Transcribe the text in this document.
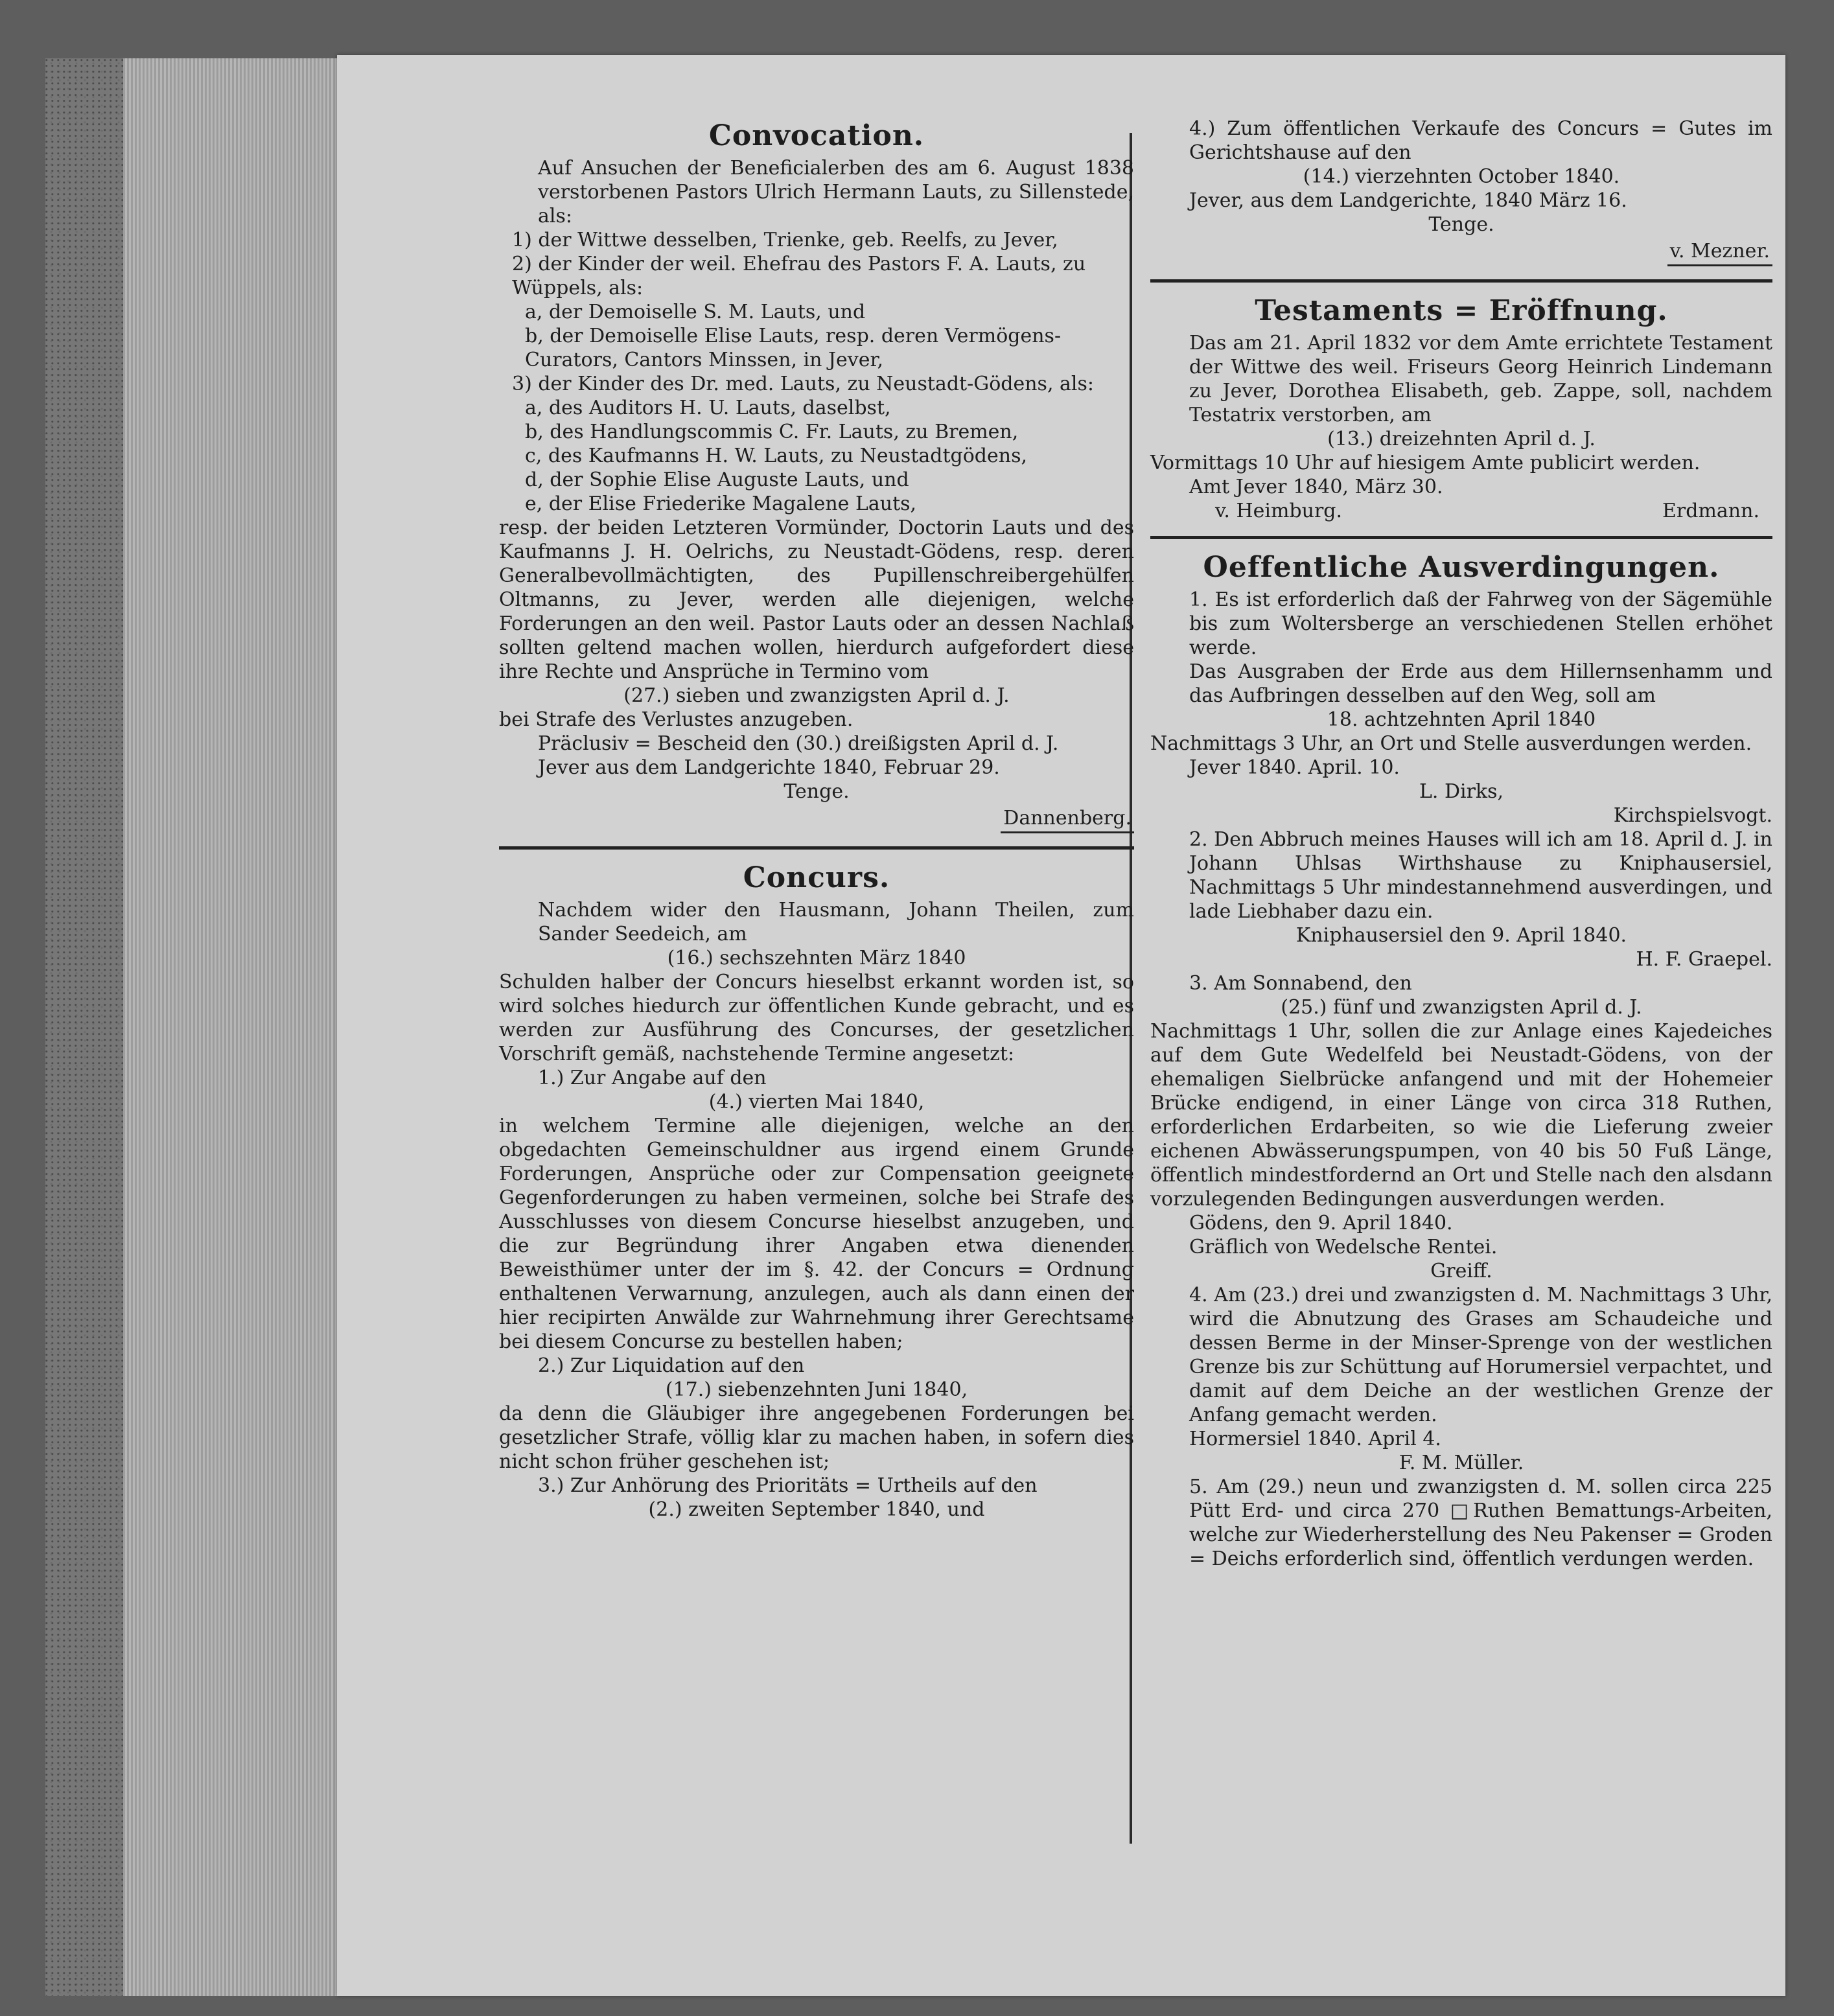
Convocation.

Auf Ansuchen der Beneficialerben des am 6. August 1838 verstorbenen Pastors Ulrich Hermann Lauts, zu Sillenstede, als:

1) der Wittwe desselben, Trienke, geb. Reelfs, zu Jever,

2) der Kinder der weil. Ehefrau des Pastors F. A. Lauts, zu Wüppels, als:

a, der Demoiselle S. M. Lauts, und

b, der Demoiselle Elise Lauts, resp. deren Vermögens-Curators, Cantors Minssen, in Jever,

3) der Kinder des Dr. med. Lauts, zu Neustadt-Gödens, als:

a, des Auditors H. U. Lauts, daselbst,

b, des Handlungscommis C. Fr. Lauts, zu Bremen,

c, des Kaufmanns H. W. Lauts, zu Neustadtgödens,

d, der Sophie Elise Auguste Lauts, und

e, der Elise Friederike Magalene Lauts,

resp. der beiden Letzteren Vormünder, Doctorin Lauts und des Kaufmanns J. H. Oelrichs, zu Neustadt-Gödens, resp. deren Generalbevollmächtigten, des Pupillenschreibergehülfen Oltmanns, zu Jever, werden alle diejenigen, welche Forderungen an den weil. Pastor Lauts oder an dessen Nachlaß sollten geltend machen wollen, hierdurch aufgefordert diese ihre Rechte und Ansprüche in Termino vom

(27.) sieben und zwanzigsten April d. J.

bei Strafe des Verlustes anzugeben.

Präclusiv = Bescheid den (30.) dreißigsten April d. J.

Jever aus dem Landgerichte 1840, Februar 29.

Tenge.

Dannenberg.
Concurs.

Nachdem wider den Hausmann, Johann Theilen, zum Sander Seedeich, am

(16.) sechszehnten März 1840

Schulden halber der Concurs hieselbst erkannt worden ist, so wird solches hiedurch zur öffentlichen Kunde gebracht, und es werden zur Ausführung des Concurses, der gesetzlichen Vorschrift gemäß, nachstehende Termine angesetzt:

1.) Zur Angabe auf den

(4.) vierten Mai 1840,

in welchem Termine alle diejenigen, welche an den obgedachten Gemeinschuldner aus irgend einem Grunde Forderungen, Ansprüche oder zur Compensation geeignete Gegenforderungen zu haben vermeinen, solche bei Strafe des Ausschlusses von diesem Concurse hieselbst anzugeben, und die zur Begründung ihrer Angaben etwa dienenden Beweisthümer unter der im §. 42. der Concurs = Ordnung enthaltenen Verwarnung, anzulegen, auch als dann einen der hier recipirten Anwälde zur Wahrnehmung ihrer Gerechtsame bei diesem Concurse zu bestellen haben;

2.) Zur Liquidation auf den

(17.) siebenzehnten Juni 1840,

da denn die Gläubiger ihre angegebenen Forderungen bei gesetzlicher Strafe, völlig klar zu machen haben, in sofern dies nicht schon früher geschehen ist;

3.) Zur Anhörung des Prioritäts = Urtheils auf den

(2.) zweiten September 1840, und

4.) Zum öffentlichen Verkaufe des Concurs = Gutes im Gerichtshause auf den

(14.) vierzehnten October 1840.

Jever, aus dem Landgerichte, 1840 März 16.

Tenge.

v. Mezner.
Testaments = Eröffnung.

Das am 21. April 1832 vor dem Amte errichtete Testament der Wittwe des weil. Friseurs Georg Heinrich Lindemann zu Jever, Dorothea Elisabeth, geb. Zappe, soll, nachdem Testatrix verstorben, am

(13.) dreizehnten April d. J.

Vormittags 10 Uhr auf hiesigem Amte publicirt werden.

Amt Jever 1840, März 30.

v. Heimburg.	Erdmann.
Oeffentliche Ausverdingungen.

1. Es ist erforderlich daß der Fahrweg von der Sägemühle bis zum Woltersberge an verschiedenen Stellen erhöhet werde.

Das Ausgraben der Erde aus dem Hillernsenhamm und das Aufbringen desselben auf den Weg, soll am

18. achtzehnten April 1840

Nachmittags 3 Uhr, an Ort und Stelle ausverdungen werden.

Jever 1840. April. 10.

L. Dirks,

Kirchspielsvogt.

2. Den Abbruch meines Hauses will ich am 18. April d. J. in Johann Uhlsas Wirthshause zu Kniphausersiel, Nachmittags 5 Uhr mindestannehmend ausverdingen, und lade Liebhaber dazu ein.

Kniphausersiel den 9. April 1840.

H. F. Graepel.

3. Am Sonnabend, den

(25.) fünf und zwanzigsten April d. J.

Nachmittags 1 Uhr, sollen die zur Anlage eines Kajedeiches auf dem Gute Wedelfeld bei Neustadt-Gödens, von der ehemaligen Sielbrücke anfangend und mit der Hohemeier Brücke endigend, in einer Länge von circa 318 Ruthen, erforderlichen Erdarbeiten, so wie die Lieferung zweier eichenen Abwässerungspumpen, von 40 bis 50 Fuß Länge, öffentlich mindestfordernd an Ort und Stelle nach den alsdann vorzulegenden Bedingungen ausverdungen werden.

Gödens, den 9. April 1840.

Gräflich von Wedelsche Rentei.

Greiff.

4. Am (23.) drei und zwanzigsten d. M. Nachmittags 3 Uhr, wird die Abnutzung des Grases am Schaudeiche und dessen Berme in der Minser-Sprenge von der westlichen Grenze bis zur Schüttung auf Horumersiel verpachtet, und damit auf dem Deiche an der westlichen Grenze der Anfang gemacht werden.

Hormersiel 1840. April 4.

F. M. Müller.

5. Am (29.) neun und zwanzigsten d. M. sollen circa 225 Pütt Erd- und circa 270 □Ruthen Bemattungs-Arbeiten, welche zur Wiederherstellung des Neu Pakenser = Groden = Deichs erforderlich sind, öffentlich verdungen werden.
